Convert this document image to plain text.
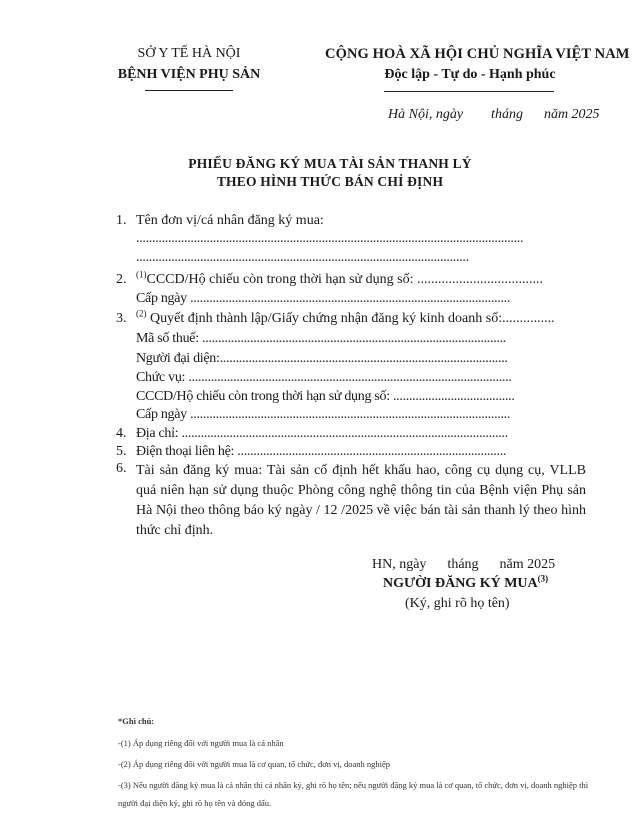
SỞ Y TẾ HÀ NỘI
BỆNH VIỆN PHỤ SẢN
CỘNG HOÀ XÃ HỘI CHỦ NGHĨA VIỆT NAM
Độc lập - Tự do - Hạnh phúc
Hà Nội, ngày        tháng      năm 2025
PHIẾU ĐĂNG KÝ MUA TÀI SẢN THANH LÝ
THEO HÌNH THỨC BÁN CHỈ ĐỊNH
1. Tên đơn vị/cá nhân đăng ký mua:
.........................................................................................................................
........................................................................................................
2. $^{(1)}$CCCD/Hộ chiếu còn trong thời hạn sử dụng số: ....................................
Cấp ngày ....................................................................................................
3. $^{(2)}$ Quyết định thành lập/Giấy chứng nhận đăng ký kinh doanh số:...............
Mã số thuế: ...............................................................................................
Người đại diện:..........................................................................................
Chức vụ: .....................................................................................................
CCCD/Hộ chiếu còn trong thời hạn sử dụng số: ......................................
Cấp ngày ....................................................................................................
4. Địa chỉ: ......................................................................................................
5. Điện thoại liên hệ: ....................................................................................
6. Tài sản đăng ký mua: Tài sản cố định hết khấu hao, công cụ dụng cụ, VLLB quá niên hạn sử dụng thuộc Phòng công nghệ thông tin của Bệnh viện Phụ sản Hà Nội theo thông báo ký ngày / 12 /2025 về việc bán tài sản thanh lý theo hình thức chỉ định.
HN, ngày      tháng      năm 2025
NGƯỜI ĐĂNG KÝ MUA$^{(3)}$
(Ký, ghi rõ họ tên)
*Ghi chú:
-(1) Áp dụng riêng đối với người mua là cá nhân
-(2) Áp dụng riêng đối với người mua là cơ quan, tổ chức, đơn vị, doanh nghiệp
-(3) Nếu người đăng ký mua là cá nhân thì cá nhân ký, ghi rõ họ tên; nếu người đăng ký mua là cơ quan, tổ chức, đơn vị, doanh nghiệp thì người đại diện ký, ghi rõ họ tên và đóng dấu.
